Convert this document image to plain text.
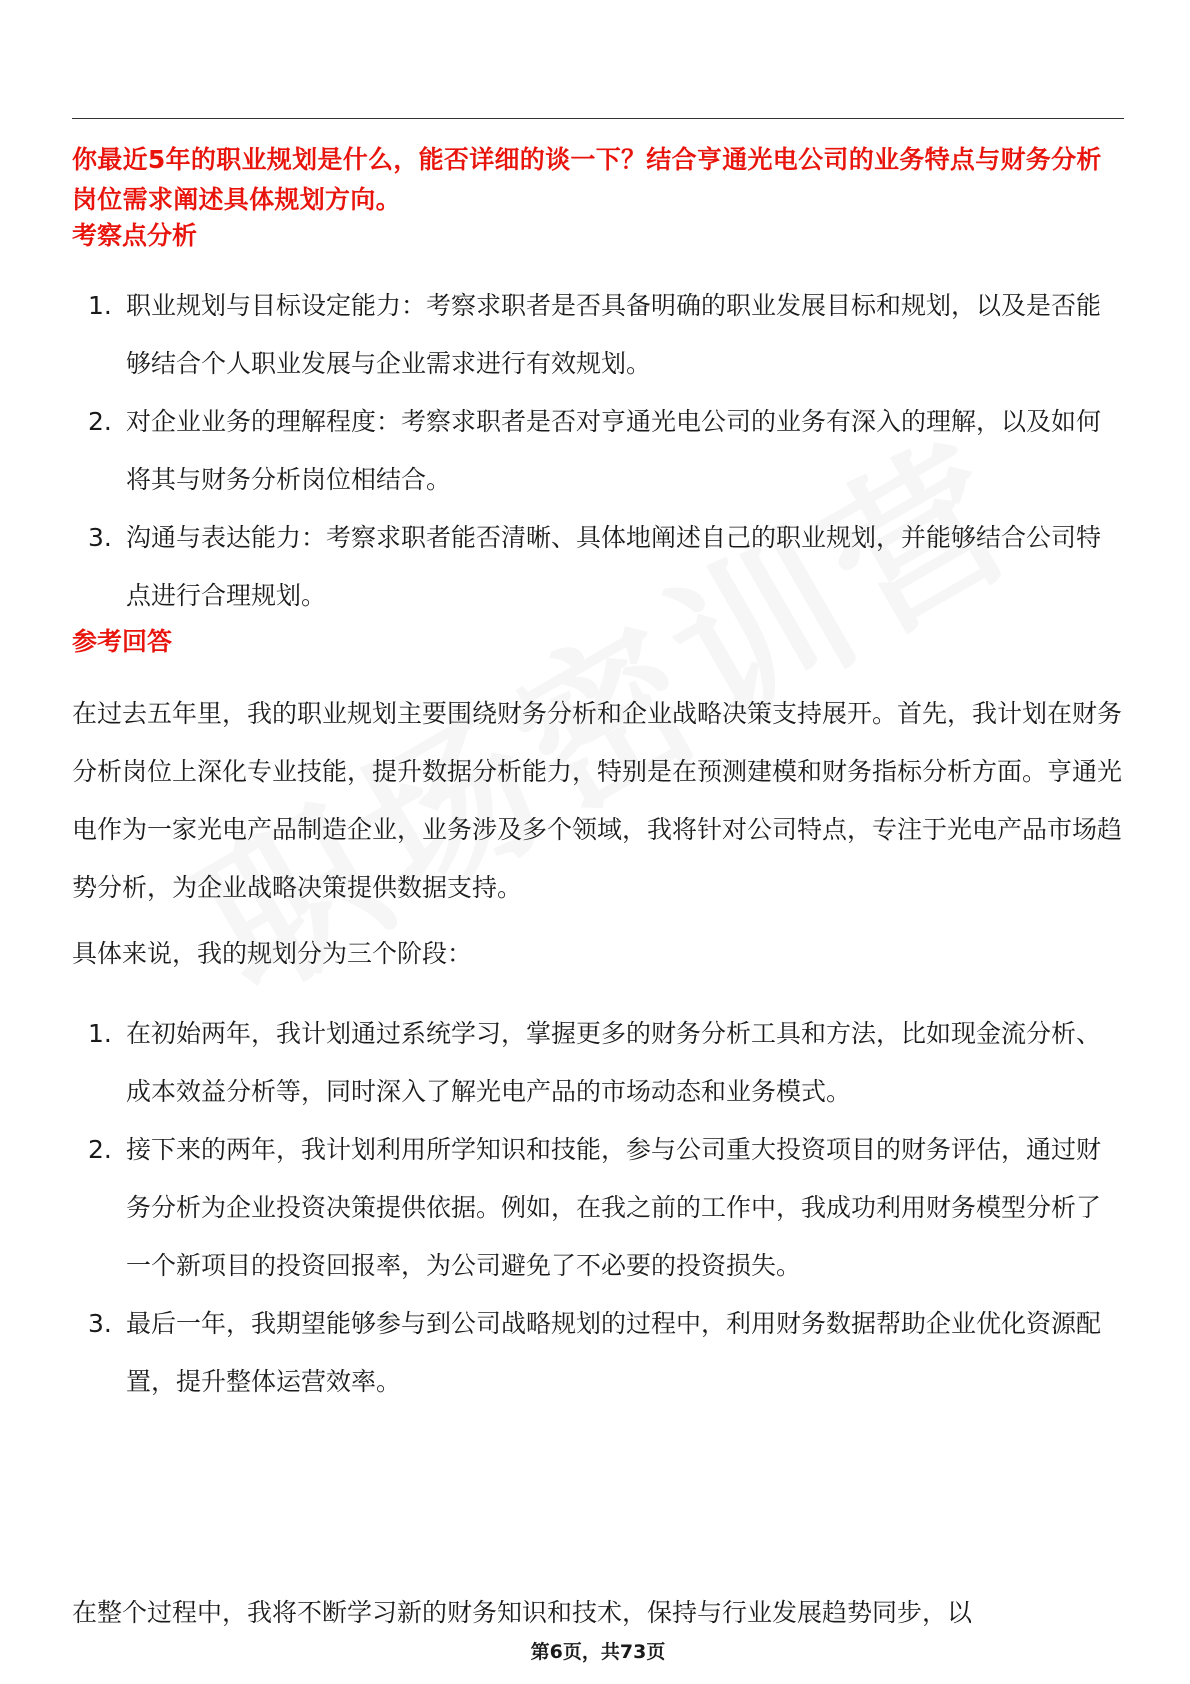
你最近5年的职业规划是什么，能否详细的谈一下？结合亨通光电公司的业务特点与财务分析岗位需求阐述具体规划方向。
考察点分析
1. 职业规划与目标设定能力：考察求职者是否具备明确的职业发展目标和规划，以及是否能够结合个人职业发展与企业需求进行有效规划。
2. 对企业业务的理解程度：考察求职者是否对亨通光电公司的业务有深入的理解，以及如何将其与财务分析岗位相结合。
3. 沟通与表达能力：考察求职者能否清晰、具体地阐述自己的职业规划，并能够结合公司特点进行合理规划。
参考回答

在过去五年里，我的职业规划主要围绕财务分析和企业战略决策支持展开。首先，我计划在财务分析岗位上深化专业技能，提升数据分析能力，特别是在预测建模和财务指标分析方面。亨通光电作为一家光电产品制造企业，业务涉及多个领域，我将针对公司特点，专注于光电产品市场趋势分析，为企业战略决策提供数据支持。

具体来说，我的规划分为三个阶段：

1. 在初始两年，我计划通过系统学习，掌握更多的财务分析工具和方法，比如现金流分析、成本效益分析等，同时深入了解光电产品的市场动态和业务模式。
2. 接下来的两年，我计划利用所学知识和技能，参与公司重大投资项目的财务评估，通过财务分析为企业投资决策提供依据。例如，在我之前的工作中，我成功利用财务模型分析了一个新项目的投资回报率，为公司避免了不必要的投资损失。
3. 最后一年，我期望能够参与到公司战略规划的过程中，利用财务数据帮助企业优化资源配置，提升整体运营效率。

在整个过程中，我将不断学习新的财务知识和技术，保持与行业发展趋势同步，以

第6页，共73页
